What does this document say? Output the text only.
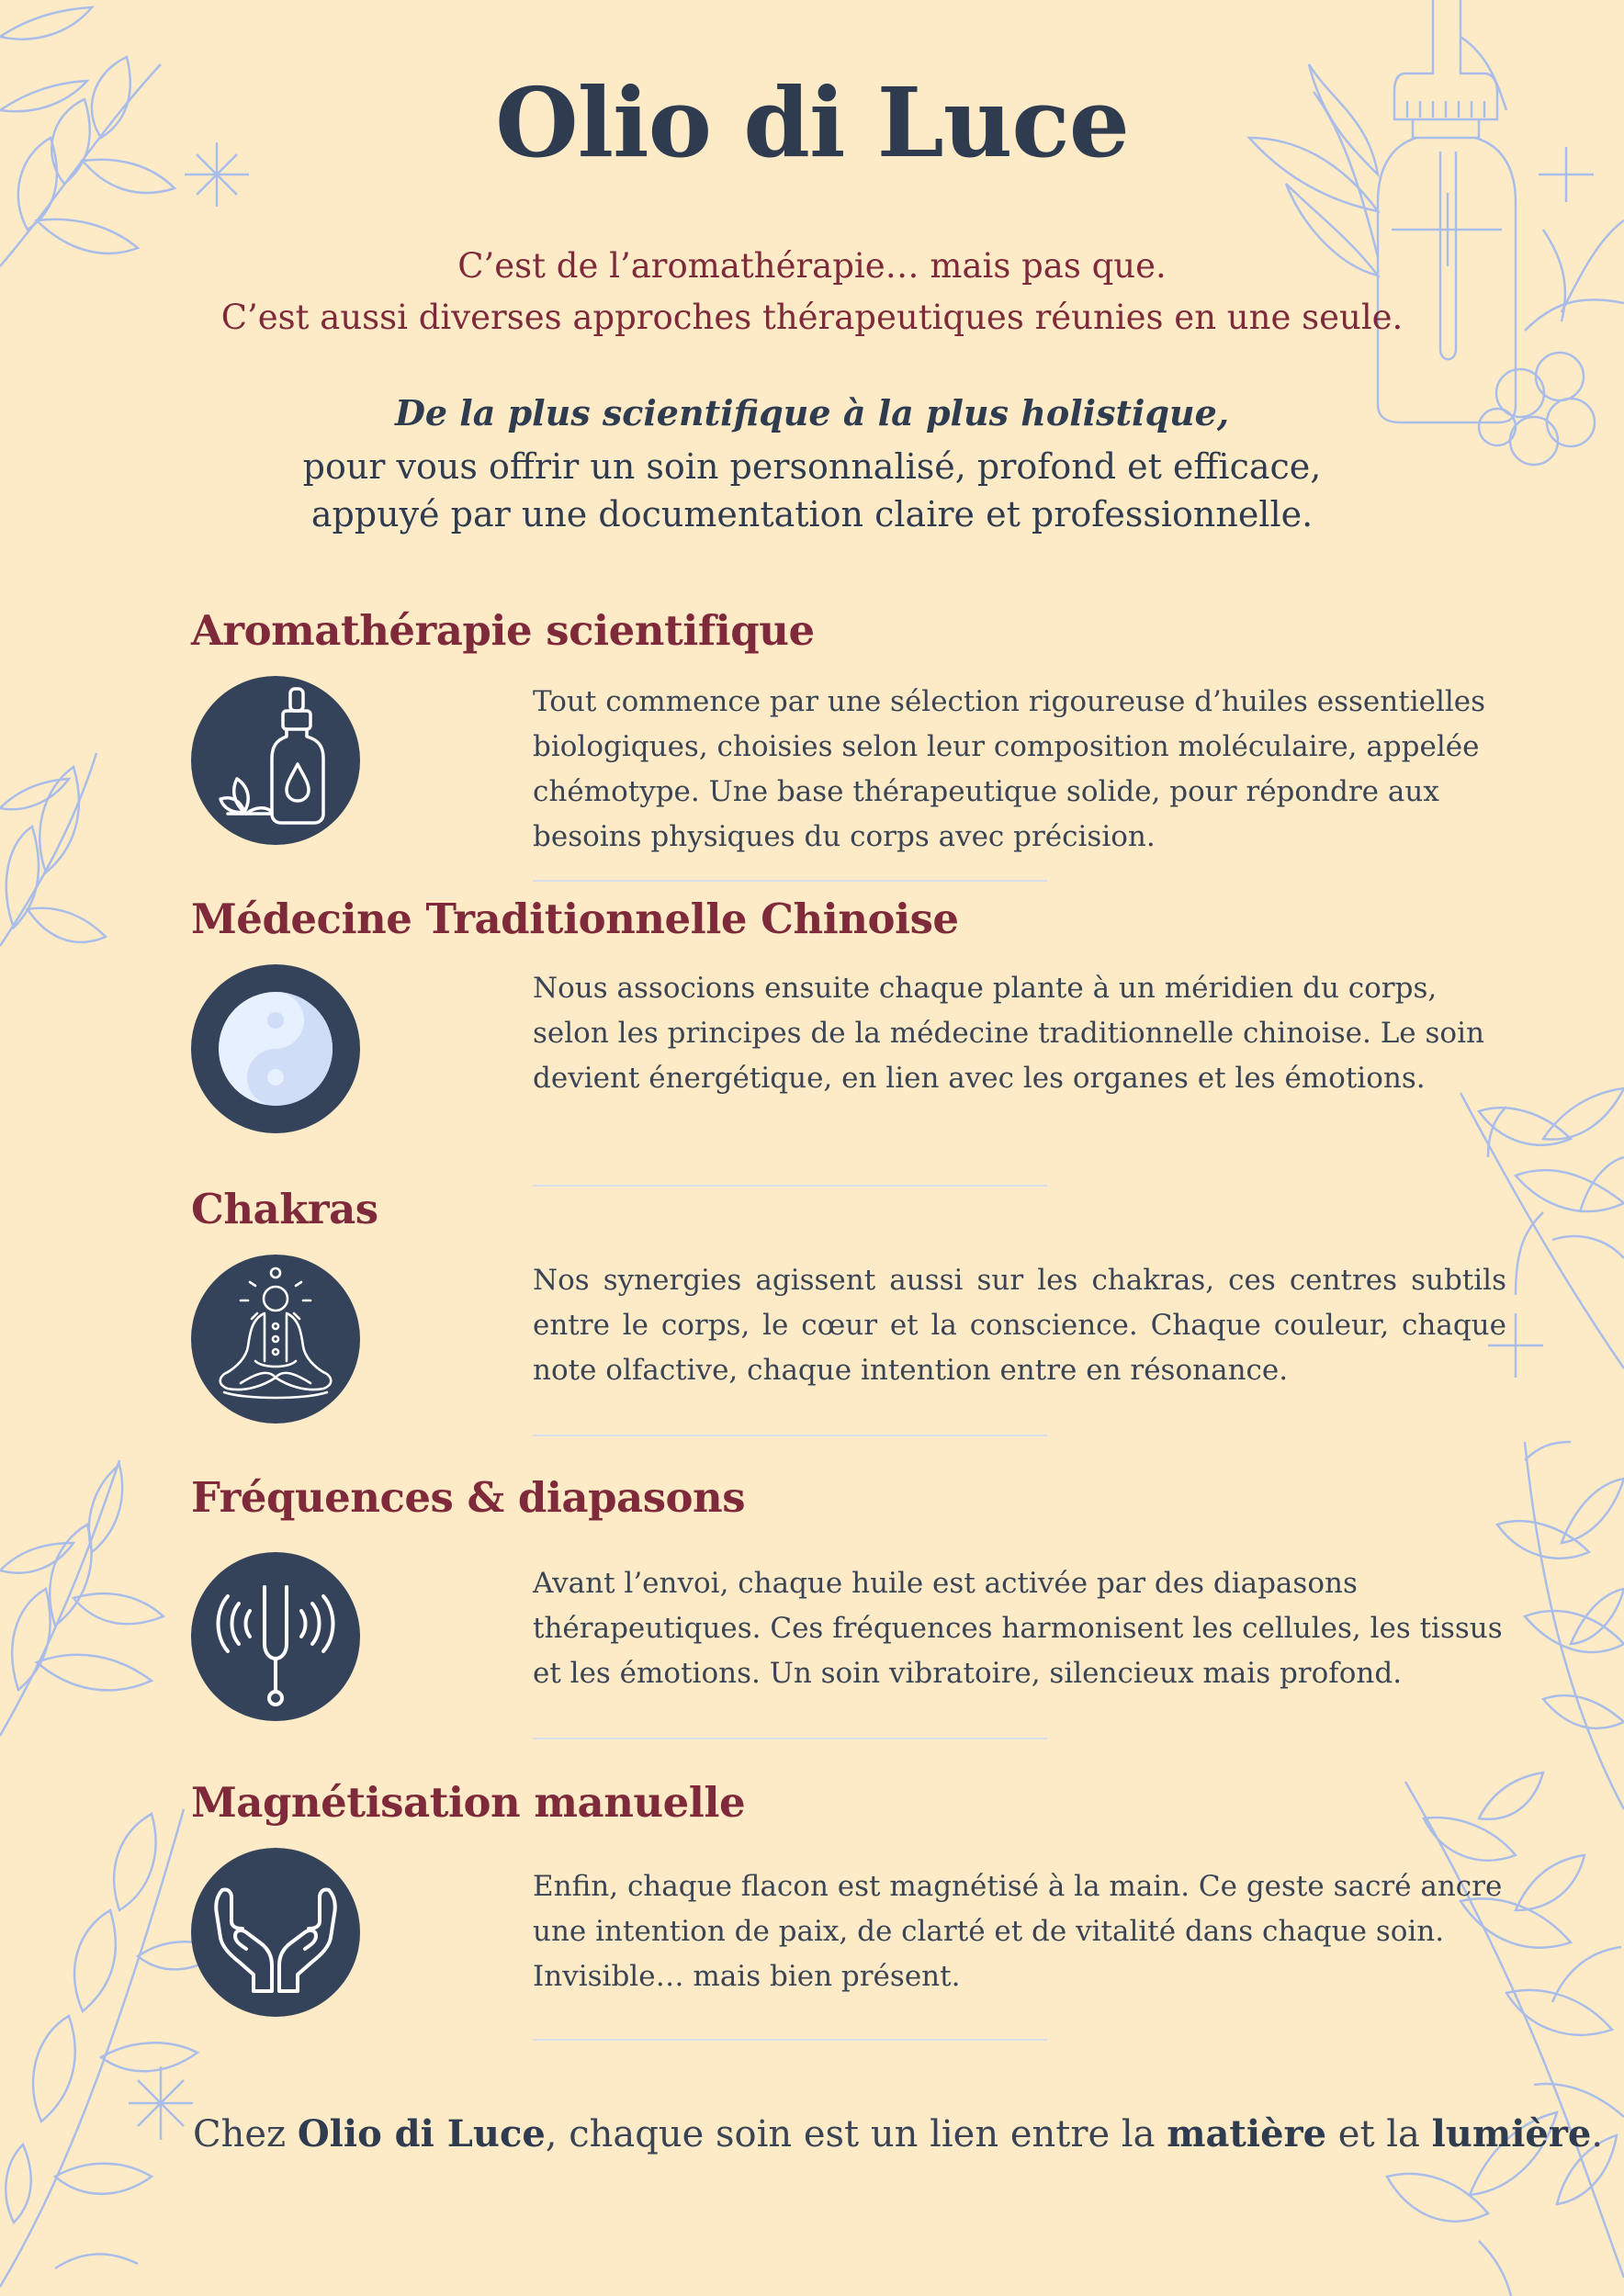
Olio di Luce
C’est de l’aromathérapie… mais pas que.
C’est aussi diverses approches thérapeutiques réunies en une seule.
De la plus scientifique à la plus holistique,
pour vous offrir un soin personnalisé, profond et efficace,
appuyé par une documentation claire et professionnelle.
Aromathérapie scientifique

Tout commence par une sélection rigoureuse d’huiles essentielles biologiques, choisies selon leur composition moléculaire, appelée chémotype. Une base thérapeutique solide, pour répondre aux besoins physiques du corps avec précision.

Médecine Traditionnelle Chinoise

Nous associons ensuite chaque plante à un méridien du corps, selon les principes de la médecine traditionnelle chinoise. Le soin devient énergétique, en lien avec les organes et les émotions.

Chakras

Nos synergies agissent aussi sur les chakras, ces centres subtils entre le corps, le cœur et la conscience. Chaque couleur, chaque note olfactive, chaque intention entre en résonance.

Fréquences & diapasons

Avant l’envoi, chaque huile est activée par des diapasons thérapeutiques. Ces fréquences harmonisent les cellules, les tissus et les émotions. Un soin vibratoire, silencieux mais profond.

Magnétisation manuelle

Enfin, chaque flacon est magnétisé à la main. Ce geste sacré ancre une intention de paix, de clarté et de vitalité dans chaque soin. Invisible… mais bien présent.

Chez Olio di Luce, chaque soin est un lien entre la matière et la lumière.
